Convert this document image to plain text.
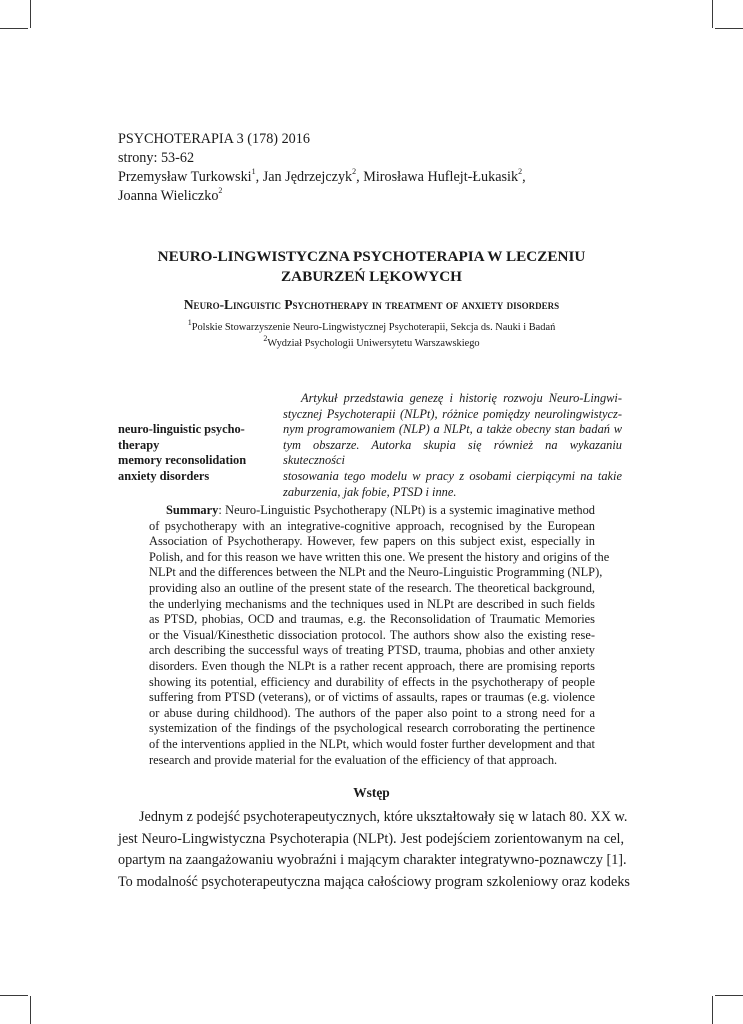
PSYCHOTERAPIA 3 (178) 2016
strony: 53-62
Przemysław Turkowski$^1$, Jan Jędrzejczyk$^2$, Mirosława Huflejt-Łukasik$^2$,
Joanna Wieliczko$^2$
NEURO-LINGWISTYCZNA PSYCHOTERAPIA W LECZENIU
ZABURZEŃ LĘKOWYCH
Neuro-Linguistic Psychotherapy in treatment of anxiety disorders
$^1$Polskie Stowarzyszenie Neuro-Lingwistycznej Psychoterapii, Sekcja ds. Nauki i Badań
$^2$Wydział Psychologii Uniwersytetu Warszawskiego
neuro-linguistic psycho-
therapy
memory reconsolidation
anxiety disorders
Artykuł przedstawia genezę i historię rozwoju Neuro-Lingwi-
stycznej Psychoterapii (NLPt), różnice pomiędzy neurolingwistycz-
nym programowaniem (NLP) a NLPt, a także obecny stan badań w
tym obszarze. Autorka skupia się również na wykazaniu skuteczności
stosowania tego modelu w pracy z osobami cierpiącymi na takie
zaburzenia, jak fobie, PTSD i inne.
Summary: Neuro-Linguistic Psychotherapy (NLPt) is a systemic imaginative method
of psychotherapy with an integrative-cognitive approach, recognised by the European
Association of Psychotherapy. However, few papers on this subject exist, especially in
Polish, and for this reason we have written this one. We present the history and origins of the
NLPt and the differences between the NLPt and the Neuro-Linguistic Programming (NLP),
providing also an outline of the present state of the research. The theoretical background,
the underlying mechanisms and the techniques used in NLPt are described in such fields
as PTSD, phobias, OCD and traumas, e.g. the Reconsolidation of Traumatic Memories
or the Visual/Kinesthetic dissociation protocol. The authors show also the existing rese-
arch describing the successful ways of treating PTSD, trauma, phobias and other anxiety
disorders. Even though the NLPt is a rather recent approach, there are promising reports
showing its potential, efficiency and durability of effects in the psychotherapy of people
suffering from PTSD (veterans), or of victims of assaults, rapes or traumas (e.g. violence
or abuse during childhood). The authors of the paper also point to a strong need for a
systemization of the findings of the psychological research corroborating the pertinence
of the interventions applied in the NLPt, which would foster further development and that
research and provide material for the evaluation of the efficiency of that approach.
Wstęp
Jednym z podejść psychoterapeutycznych, które ukształtowały się w latach 80. XX w.
jest Neuro-Lingwistyczna Psychoterapia (NLPt). Jest podejściem zorientowanym na cel,
opartym na zaangażowaniu wyobraźni i mającym charakter integratywno-poznawczy [1].
To modalność psychoterapeutyczna mająca całościowy program szkoleniowy oraz kodeks
